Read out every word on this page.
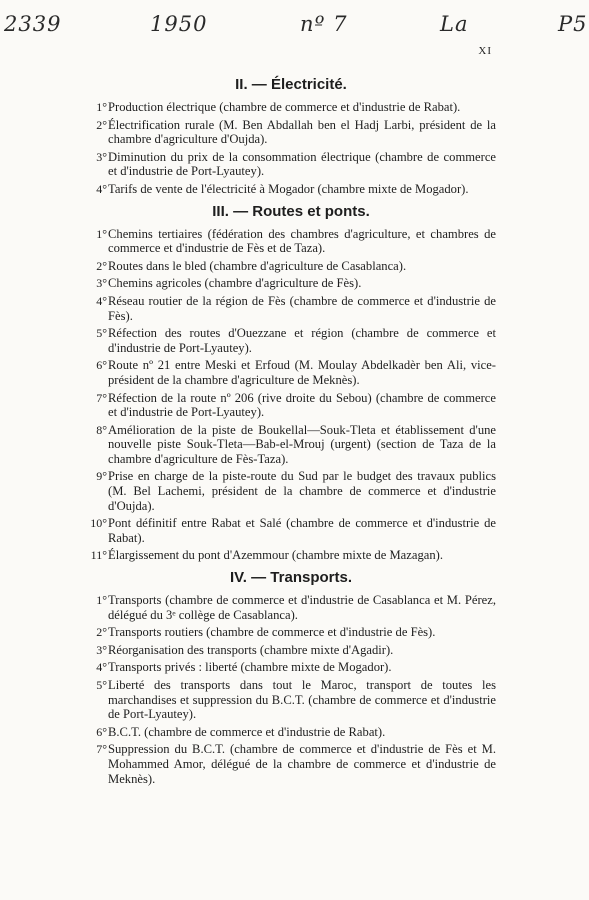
2339	1950	nº 7	La	P5
XI
II. — Électricité.
1° Production électrique (chambre de commerce et d'industrie de Rabat).
2° Électrification rurale (M. Ben Abdallah ben el Hadj Larbi, président de la chambre d'agriculture d'Oujda).
3° Diminution du prix de la consommation électrique (chambre de commerce et d'industrie de Port-Lyautey).
4° Tarifs de vente de l'électricité à Mogador (chambre mixte de Mogador).
III. — Routes et ponts.
1° Chemins tertiaires (fédération des chambres d'agriculture, et chambres de commerce et d'industrie de Fès et de Taza).
2° Routes dans le bled (chambre d'agriculture de Casablanca).
3° Chemins agricoles (chambre d'agriculture de Fès).
4° Réseau routier de la région de Fès (chambre de commerce et d'industrie de Fès).
5° Réfection des routes d'Ouezzane et région (chambre de commerce et d'industrie de Port-Lyautey).
6° Route nº 21 entre Meski et Erfoud (M. Moulay Abdelkadèr ben Ali, vice-président de la chambre d'agriculture de Meknès).
7° Réfection de la route nº 206 (rive droite du Sebou) (chambre de commerce et d'industrie de Port-Lyautey).
8° Amélioration de la piste de Boukellal—Souk-Tleta et établissement d'une nouvelle piste Souk-Tleta—Bab-el-Mrouj (urgent) (section de Taza de la chambre d'agriculture de Fès-Taza).
9° Prise en charge de la piste-route du Sud par le budget des travaux publics (M. Bel Lachemi, président de la chambre de commerce et d'industrie d'Oujda).
10° Pont définitif entre Rabat et Salé (chambre de commerce et d'industrie de Rabat).
11° Élargissement du pont d'Azemmour (chambre mixte de Mazagan).
IV. — Transports.
1° Transports (chambre de commerce et d'industrie de Casablanca et M. Pérez, délégué du 3ᵉ collège de Casablanca).
2° Transports routiers (chambre de commerce et d'industrie de Fès).
3° Réorganisation des transports (chambre mixte d'Agadir).
4° Transports privés : liberté (chambre mixte de Mogador).
5° Liberté des transports dans tout le Maroc, transport de toutes les marchandises et suppression du B.C.T. (chambre de commerce et d'industrie de Port-Lyautey).
6° B.C.T. (chambre de commerce et d'industrie de Rabat).
7° Suppression du B.C.T. (chambre de commerce et d'industrie de Fès et M. Mohammed Amor, délégué de la chambre de commerce et d'industrie de Meknès).
